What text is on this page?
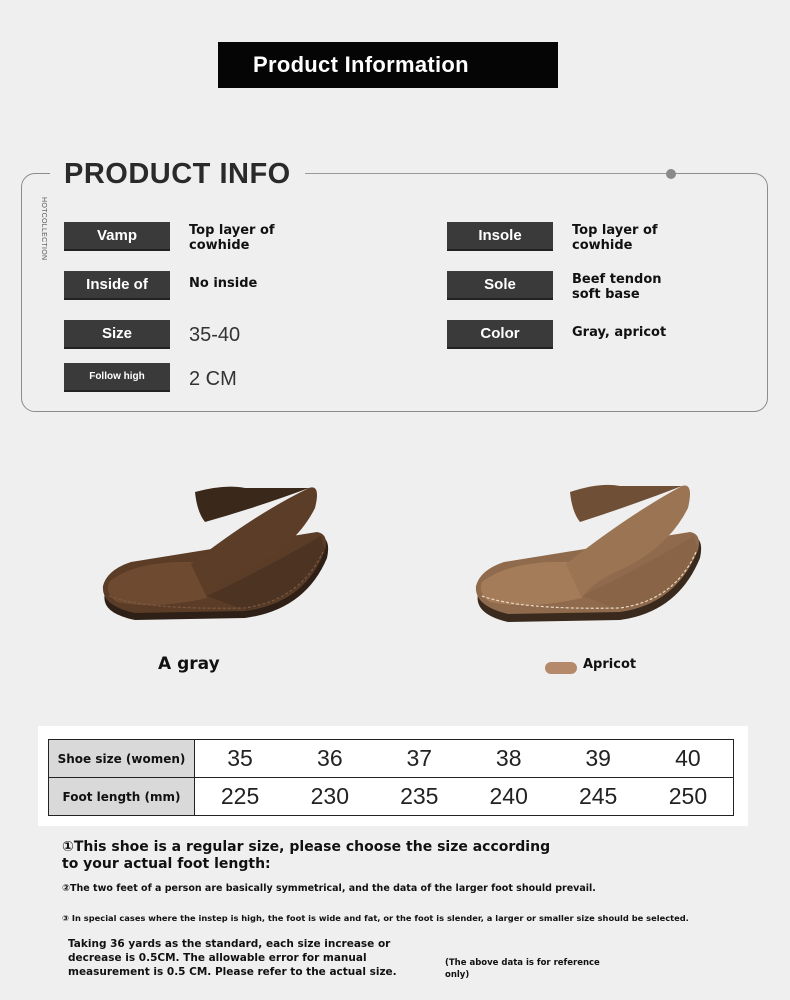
Product Information
PRODUCT INFO
HOTCOLLECTION	Vamp	Top layer of cowhide
Inside of	No inside
Size	35-40
Follow high	2 CM
Insole	Top layer of cowhide
Sole	Beef tendon soft base
Color	Gray, apricot
A gray	Apricot
Shoe size (women)	35	36	37	38	39	40
Foot length (mm)	225	230	235	240	245	250
①This shoe is a regular size, please choose the size according to your actual foot length:
②The two feet of a person are basically symmetrical, and the data of the larger foot should prevail.
③ In special cases where the instep is high, the foot is wide and fat, or the foot is slender, a larger or smaller size should be selected.
Taking 36 yards as the standard, each size increase or decrease is 0.5CM. The allowable error for manual measurement is 0.5 CM. Please refer to the actual size.
(The above data is for reference only)
